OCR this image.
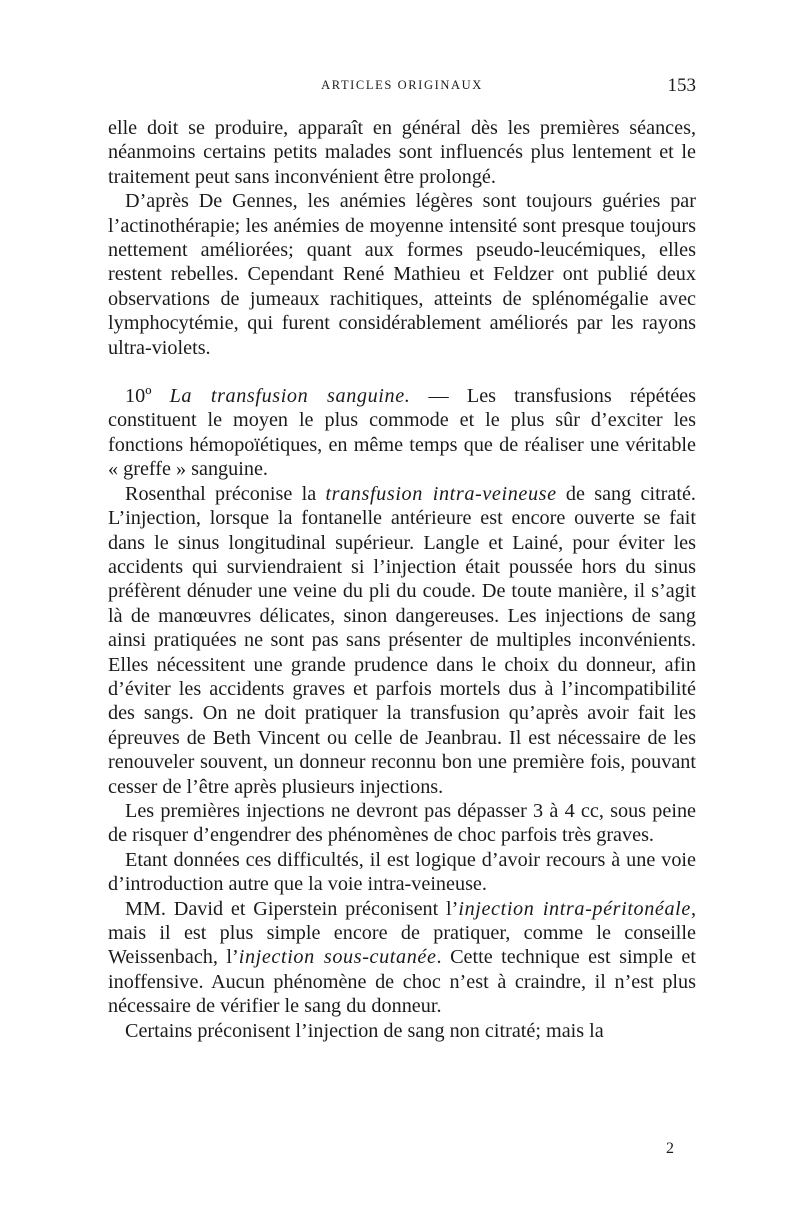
ARTICLES ORIGINAUX	153

elle doit se produire, apparaît en général dès les premières séances, néanmoins certains petits malades sont influencés plus lentement et le traitement peut sans inconvénient être prolongé.

D’après De Gennes, les anémies légères sont toujours guéries par l’actinothérapie; les anémies de moyenne intensité sont presque toujours nettement améliorées; quant aux formes pseudo-leucémiques, elles restent rebelles. Cependant René Mathieu et Feldzer ont publié deux observations de jumeaux rachitiques, atteints de splénomégalie avec lymphocytémie, qui furent considérablement améliorés par les rayons ultra-violets.

10º La transfusion sanguine. — Les transfusions répétées constituent le moyen le plus commode et le plus sûr d’exciter les fonctions hémopoïétiques, en même temps que de réaliser une véritable « greffe » sanguine.

Rosenthal préconise la transfusion intra-veineuse de sang citraté. L’injection, lorsque la fontanelle antérieure est encore ouverte se fait dans le sinus longitudinal supérieur. Langle et Lainé, pour éviter les accidents qui surviendraient si l’injection était poussée hors du sinus préfèrent dénuder une veine du pli du coude. De toute manière, il s’agit là de manœuvres délicates, sinon dangereuses. Les injections de sang ainsi pratiquées ne sont pas sans présenter de multiples inconvénients. Elles nécessitent une grande prudence dans le choix du donneur, afin d’éviter les accidents graves et parfois mortels dus à l’incompatibilité des sangs. On ne doit pratiquer la transfusion qu’après avoir fait les épreuves de Beth Vincent ou celle de Jeanbrau. Il est nécessaire de les renouveler souvent, un donneur reconnu bon une première fois, pouvant cesser de l’être après plusieurs injections.

Les premières injections ne devront pas dépasser 3 à 4 cc, sous peine de risquer d’engendrer des phénomènes de choc parfois très graves.

Etant données ces difficultés, il est logique d’avoir recours à une voie d’introduction autre que la voie intra-veineuse.

MM. David et Giperstein préconisent l’injection intra-péritonéale, mais il est plus simple encore de pratiquer, comme le conseille Weissenbach, l’injection sous-cutanée. Cette technique est simple et inoffensive. Aucun phénomène de choc n’est à craindre, il n’est plus nécessaire de vérifier le sang du donneur.

Certains préconisent l’injection de sang non citraté; mais la

2
